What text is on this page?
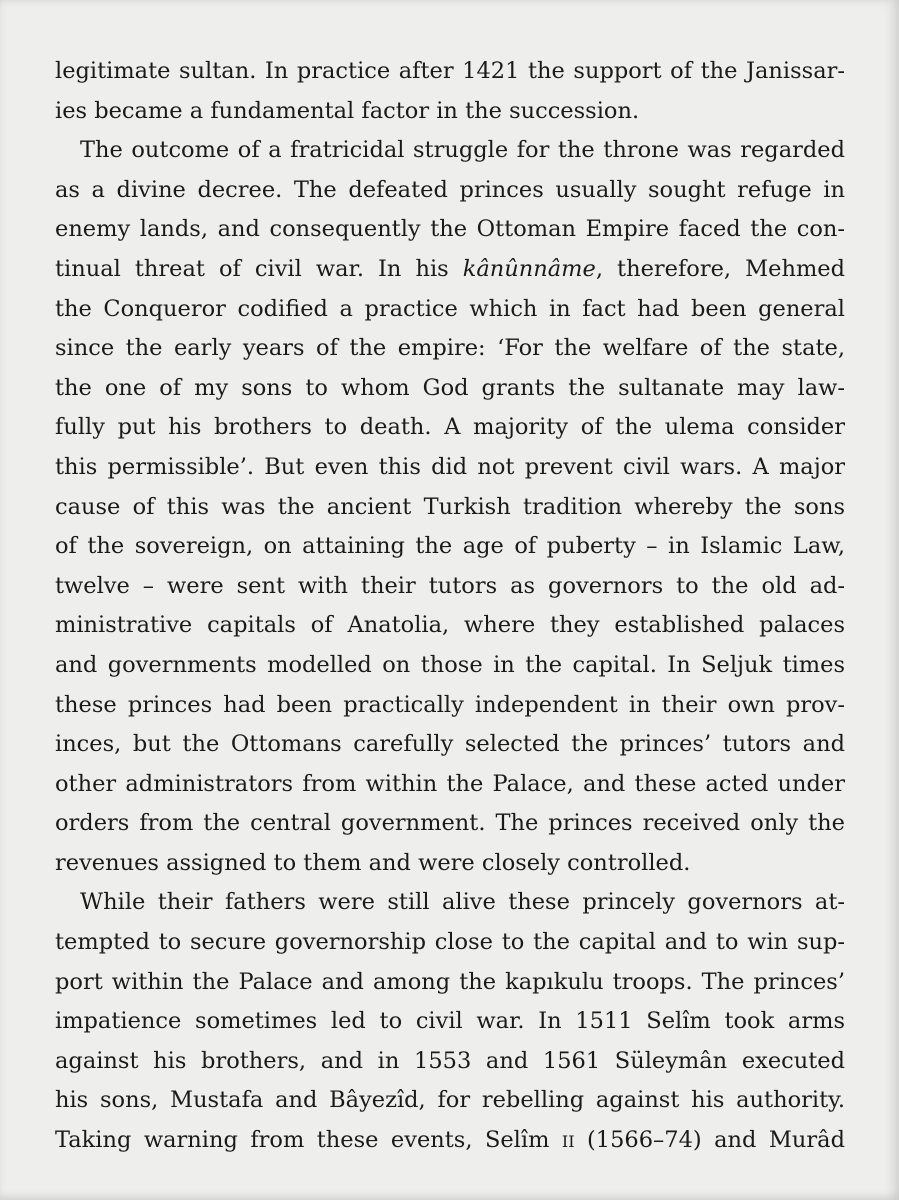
legitimate sultan. In practice after 1421 the support of the Janissar-
ies became a fundamental factor in the succession.
The outcome of a fratricidal struggle for the throne was regarded
as a divine decree. The defeated princes usually sought refuge in
enemy lands, and consequently the Ottoman Empire faced the con-
tinual threat of civil war. In his kânûnnâme, therefore, Mehmed
the Conqueror codified a practice which in fact had been general
since the early years of the empire: ‘For the welfare of the state,
the one of my sons to whom God grants the sultanate may law-
fully put his brothers to death. A majority of the ulema consider
this permissible’. But even this did not prevent civil wars. A major
cause of this was the ancient Turkish tradition whereby the sons
of the sovereign, on attaining the age of puberty – in Islamic Law,
twelve – were sent with their tutors as governors to the old ad-
ministrative capitals of Anatolia, where they established palaces
and governments modelled on those in the capital. In Seljuk times
these princes had been practically independent in their own prov-
inces, but the Ottomans carefully selected the princes’ tutors and
other administrators from within the Palace, and these acted under
orders from the central government. The princes received only the
revenues assigned to them and were closely controlled.
While their fathers were still alive these princely governors at-
tempted to secure governorship close to the capital and to win sup-
port within the Palace and among the kapıkulu troops. The princes’
impatience sometimes led to civil war. In 1511 Selîm took arms
against his brothers, and in 1553 and 1561 Süleymân executed
his sons, Mustafa and Bâyezîd, for rebelling against his authority.
Taking warning from these events, Selîm ii (1566–74) and Murâd
